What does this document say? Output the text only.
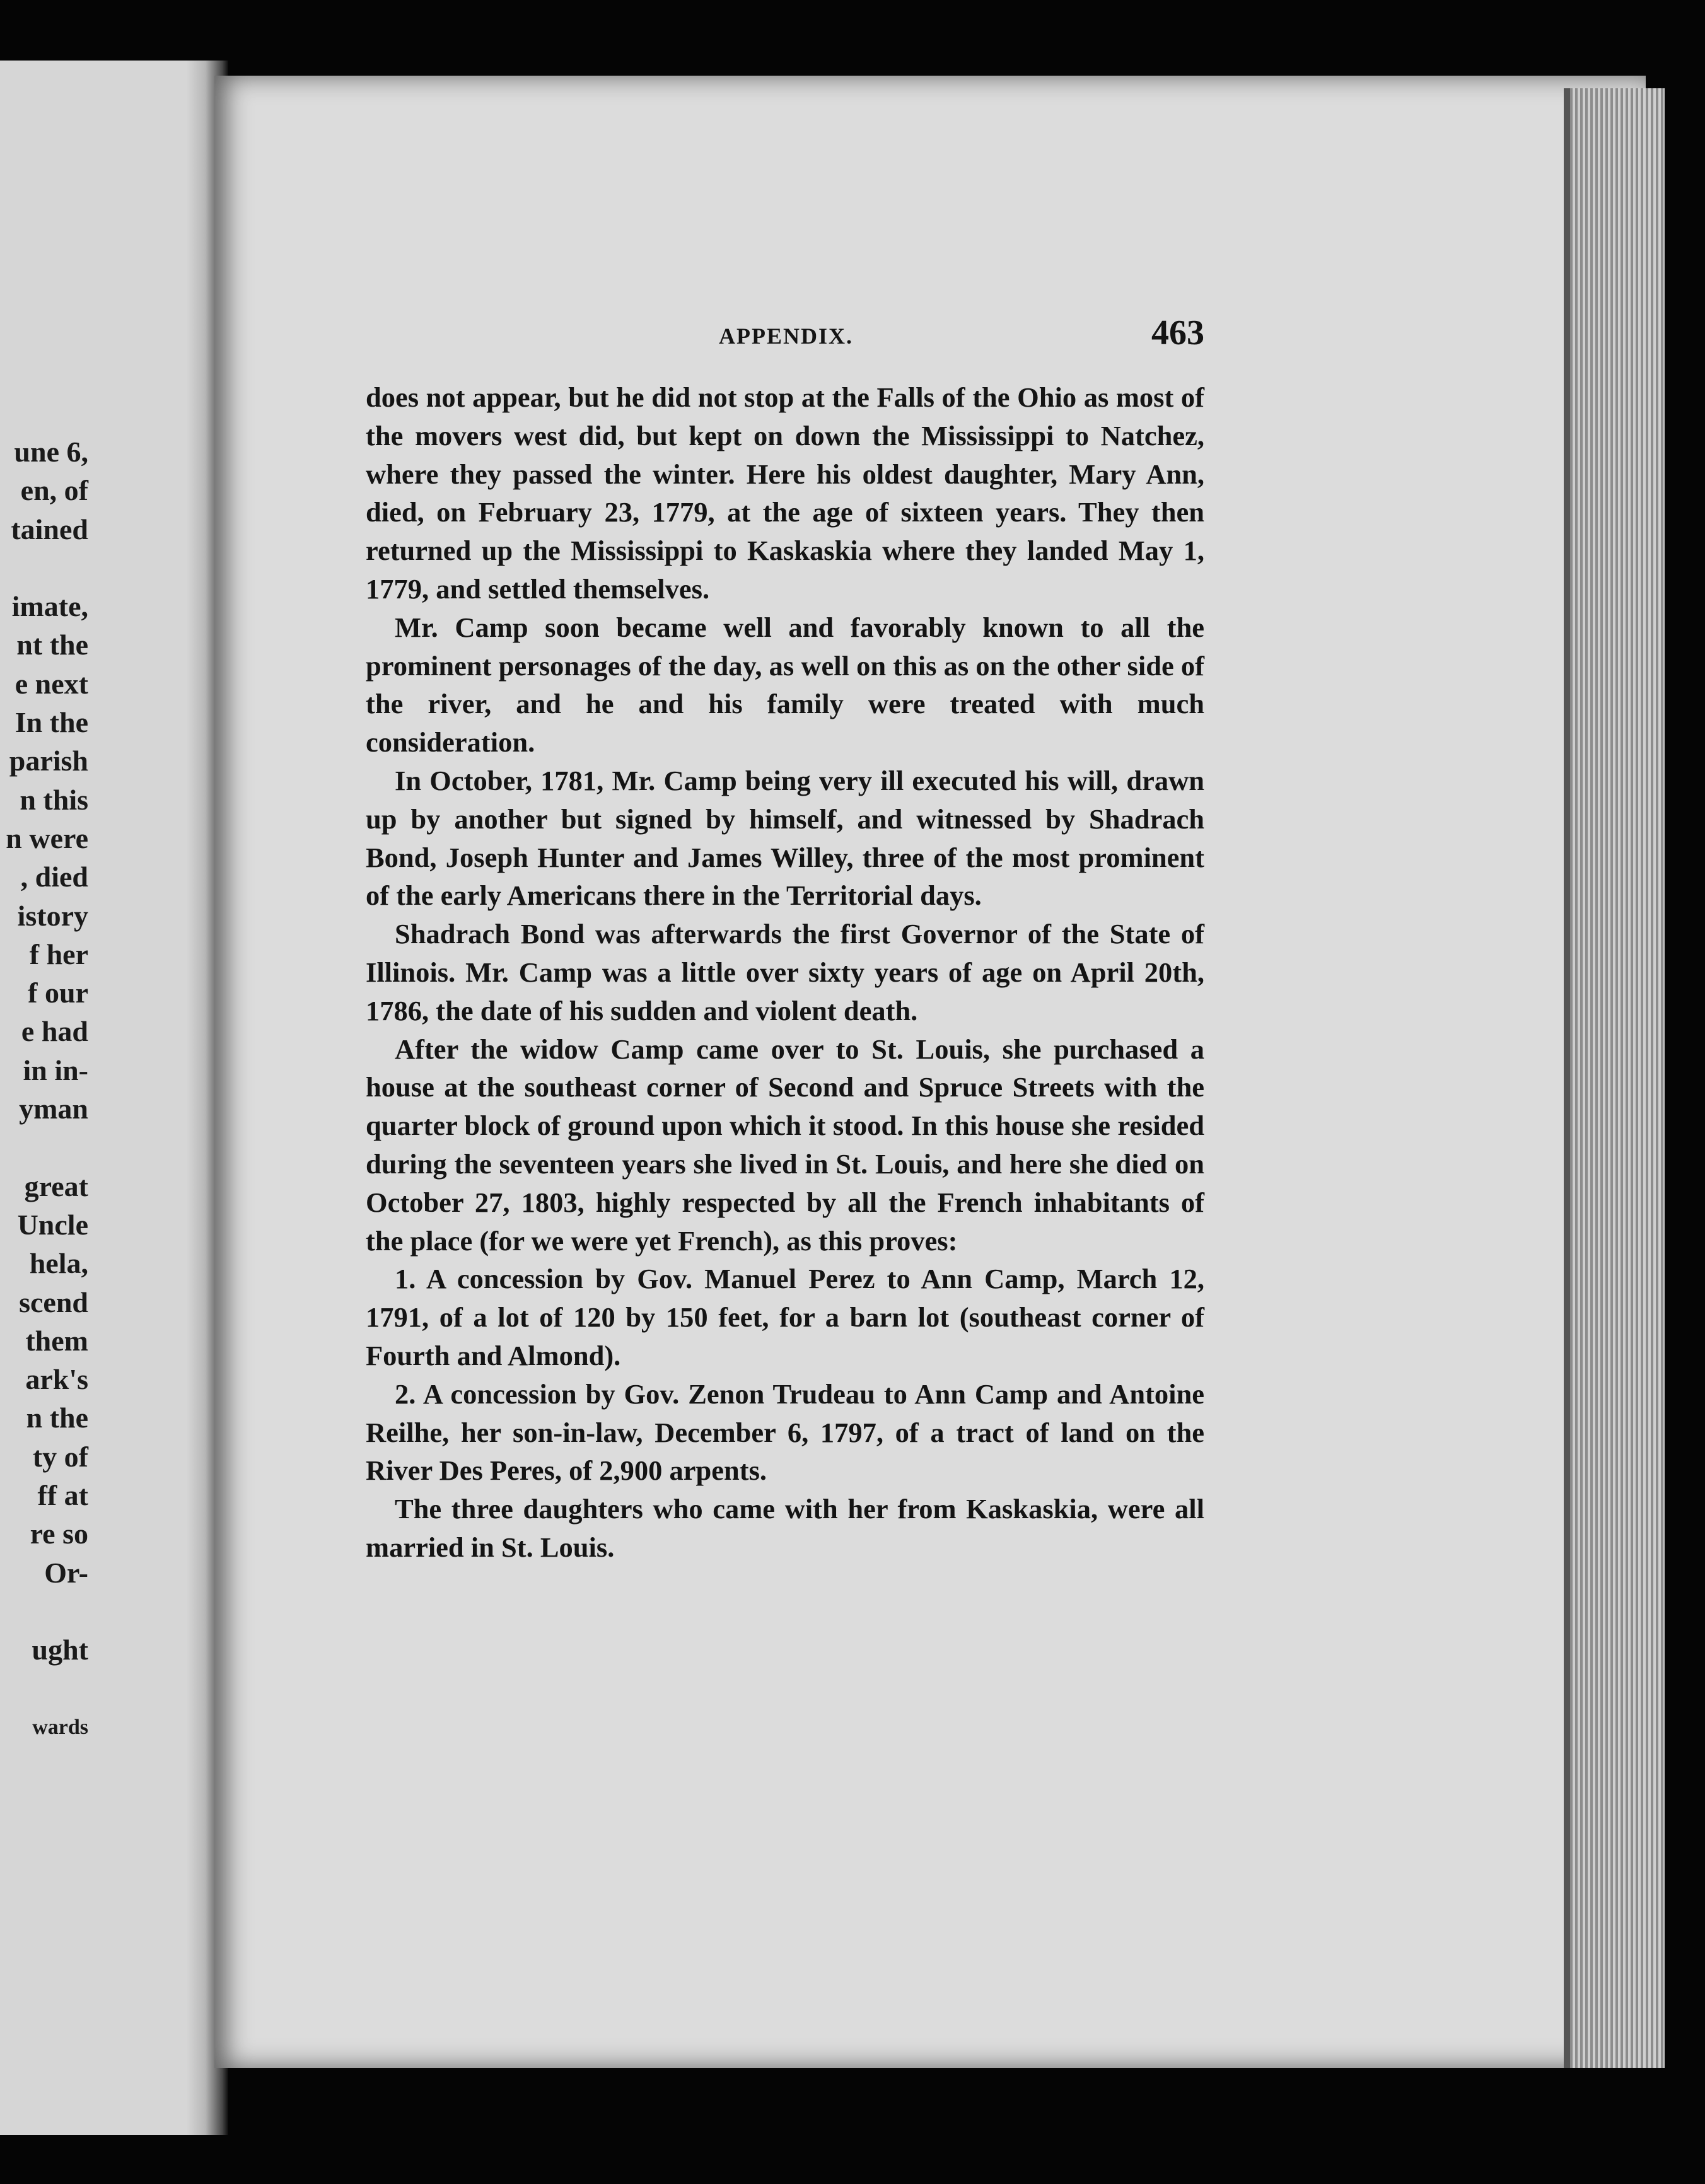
une 6,
en, of
tained
imate,
nt the
e next
In the
parish
n this
n were
, died
istory
f her
f our
e had
in in-
yman
great
Uncle
hela,
scend
them
ark's
n the
ty of
ff at
re so
Or-
ught
wards
APPENDIX.	463

does not appear, but he did not stop at the Falls of the Ohio as most of the movers west did, but kept on down the Mississippi to Natchez, where they passed the winter. Here his oldest daughter, Mary Ann, died, on February 23, 1779, at the age of sixteen years. They then returned up the Mississippi to Kaskaskia where they landed May 1, 1779, and settled themselves.

Mr. Camp soon became well and favorably known to all the prominent personages of the day, as well on this as on the other side of the river, and he and his family were treated with much consideration.

In October, 1781, Mr. Camp being very ill executed his will, drawn up by another but signed by himself, and witnessed by Shadrach Bond, Joseph Hunter and James Willey, three of the most prominent of the early Americans there in the Territorial days.

Shadrach Bond was afterwards the first Governor of the State of Illinois. Mr. Camp was a little over sixty years of age on April 20th, 1786, the date of his sudden and violent death.

After the widow Camp came over to St. Louis, she purchased a house at the southeast corner of Second and Spruce Streets with the quarter block of ground upon which it stood. In this house she resided during the seventeen years she lived in St. Louis, and here she died on October 27, 1803, highly respected by all the French inhabitants of the place (for we were yet French), as this proves:

1. A concession by Gov. Manuel Perez to Ann Camp, March 12, 1791, of a lot of 120 by 150 feet, for a barn lot (southeast corner of Fourth and Almond).

2. A concession by Gov. Zenon Trudeau to Ann Camp and Antoine Reilhe, her son-in-law, December 6, 1797, of a tract of land on the River Des Peres, of 2,900 arpents.

The three daughters who came with her from Kaskaskia, were all married in St. Louis.
